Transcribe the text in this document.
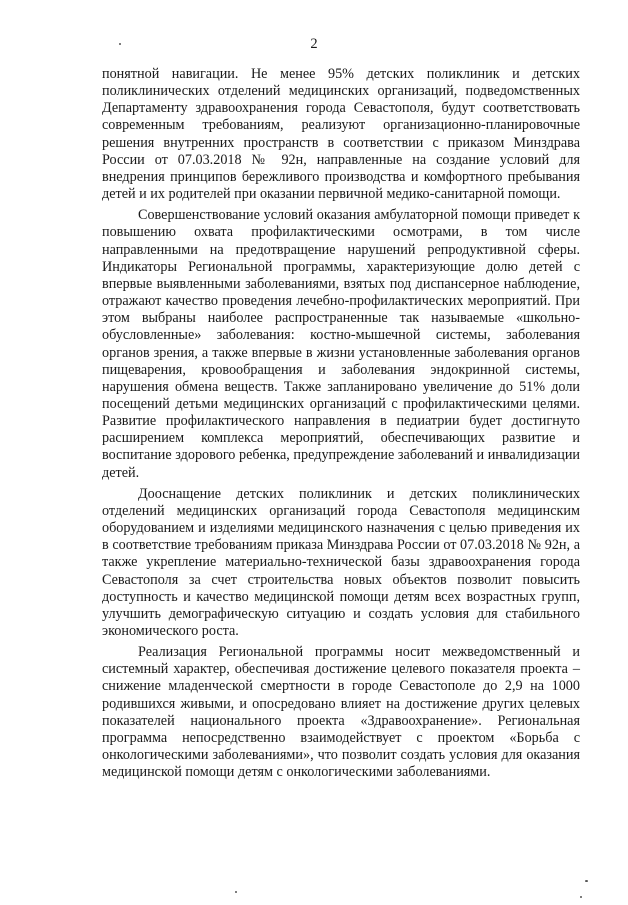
2

понятной навигации. Не менее 95% детских поликлиник и детских поликлинических отделений медицинских организаций, подведомственных Департаменту здравоохранения города Севастополя, будут соответствовать современным требованиям, реализуют организационно-планировочные решения внутренних пространств в соответствии с приказом Минздрава России от 07.03.2018 № 92н, направленные на создание условий для внедрения принципов бережливого производства и комфортного пребывания детей и их родителей при оказании первичной медико-санитарной помощи.

Совершенствование условий оказания амбулаторной помощи приведет к повышению охвата профилактическими осмотрами, в том числе направленными на предотвращение нарушений репродуктивной сферы. Индикаторы Региональной программы, характеризующие долю детей с впервые выявленными заболеваниями, взятых под диспансерное наблюдение, отражают качество проведения лечебно-профилактических мероприятий. При этом выбраны наиболее распространенные так называемые «школьно-обусловленные» заболевания: костно-мышечной системы, заболевания органов зрения, а также впервые в жизни установленные заболевания органов пищеварения, кровообращения и заболевания эндокринной системы, нарушения обмена веществ. Также запланировано увеличение до 51% доли посещений детьми медицинских организаций с профилактическими целями. Развитие профилактического направления в педиатрии будет достигнуто расширением комплекса мероприятий, обеспечивающих развитие и воспитание здорового ребенка, предупреждение заболеваний и инвалидизации детей.

Дооснащение детских поликлиник и детских поликлинических отделений медицинских организаций города Севастополя медицинским оборудованием и изделиями медицинского назначения с целью приведения их в соответствие требованиям приказа Минздрава России от 07.03.2018 № 92н, а также укрепление материально-технической базы здравоохранения города Севастополя за счет строительства новых объектов позволит повысить доступность и качество медицинской помощи детям всех возрастных групп, улучшить демографическую ситуацию и создать условия для стабильного экономического роста.

Реализация Региональной программы носит межведомственный и системный характер, обеспечивая достижение целевого показателя проекта – снижение младенческой смертности в городе Севастополе до 2,9 на 1000 родившихся живыми, и опосредовано влияет на достижение других целевых показателей национального проекта «Здравоохранение». Региональная программа непосредственно взаимодействует с проектом «Борьба с онкологическими заболеваниями», что позволит создать условия для оказания медицинской помощи детям с онкологическими заболеваниями.
